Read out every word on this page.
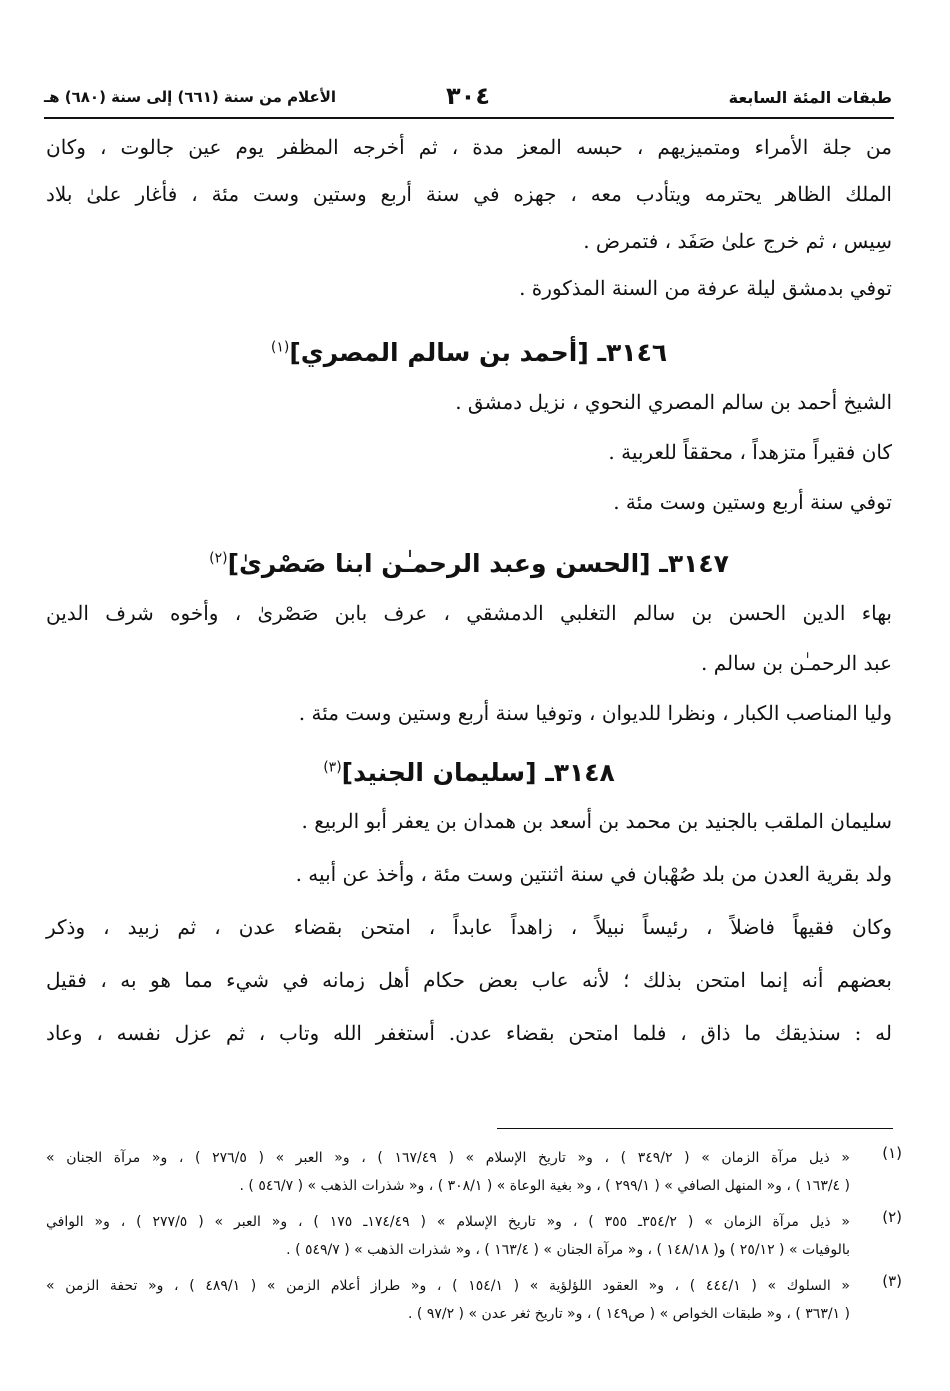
طبقات المئة السابعة
٣٠٤
الأعلام من سنة (٦٦١) إلى سنة (٦٨٠) هـ

من جلة الأمراء ومتميزيهم ، حبسه المعز مدة ، ثم أخرجه المظفر يوم عين جالوت ، وكان

الملك الظاهر يحترمه ويتأدب معه ، جهزه في سنة أربع وستين وست مئة ، فأغار علىٰ بلاد

سِيس ، ثم خرج علىٰ صَفَد ، فتمرض .

توفي بدمشق ليلة عرفة من السنة المذكورة .

٣١٤٦ـ [أحمد بن سالم المصري]$^{(١)}$

الشيخ أحمد بن سالم المصري النحوي ، نزيل دمشق .

كان فقيراً متزهداً ، محققاً للعربية .

توفي سنة أربع وستين وست مئة .

٣١٤٧ـ [الحسن وعبد الرحمـٰن ابنا صَصْرىٰ]$^{(٢)}$

بهاء الدين الحسن بن سالم التغلبي الدمشقي ، عرف بابن صَصْرىٰ ، وأخوه شرف الدين

عبد الرحمـٰن بن سالم .

وليا المناصب الكبار ، ونظرا للديوان ، وتوفيا سنة أربع وستين وست مئة .

٣١٤٨ـ [سليمان الجنيد]$^{(٣)}$

سليمان الملقب بالجنيد بن محمد بن أسعد بن همدان بن يعفر أبو الربيع .

ولد بقرية العدن من بلد صُهْبان في سنة اثنتين وست مئة ، وأخذ عن أبيه .

وكان فقيهاً فاضلاً ، رئيساً نبيلاً ، زاهداً عابداً ، امتحن بقضاء عدن ، ثم زبيد ، وذكر

بعضهم أنه إنما امتحن بذلك ؛ لأنه عاب بعض حكام أهل زمانه في شيء مما هو به ، فقيل

له : سنذيقك ما ذاق ، فلما امتحن بقضاء عدن. أستغفر الله وتاب ، ثم عزل نفسه ، وعاد

(١)

« ذيل مرآة الزمان » ( ٣٤٩/٢ ) ، و« تاريخ الإسلام » ( ١٦٧/٤٩ ) ، و« العبر » ( ٢٧٦/٥ ) ، و« مرآة الجنان »

( ١٦٣/٤ ) ، و« المنهل الصافي » ( ٢٩٩/١ ) ، و« بغية الوعاة » ( ٣٠٨/١ ) ، و« شذرات الذهب » ( ٥٤٦/٧ ) .

(٢)

« ذيل مرآة الزمان » ( ٣٥٤/٢ـ ٣٥٥ ) ، و« تاريخ الإسلام » ( ١٧٤/٤٩ـ ١٧٥ ) ، و« العبر » ( ٢٧٧/٥ ) ، و« الوافي

بالوفيات » ( ٢٥/١٢ ) و( ١٤٨/١٨ ) ، و« مرآة الجنان » ( ١٦٣/٤ ) ، و« شذرات الذهب » ( ٥٤٩/٧ ) .

(٣)

« السلوك » ( ٤٤٤/١ ) ، و« العقود اللؤلؤية » ( ١٥٤/١ ) ، و« طراز أعلام الزمن » ( ٤٨٩/١ ) ، و« تحفة الزمن »

( ٣٦٣/١ ) ، و« طبقات الخواص » ( ص١٤٩ ) ، و« تاريخ ثغر عدن » ( ٩٧/٢ ) .
